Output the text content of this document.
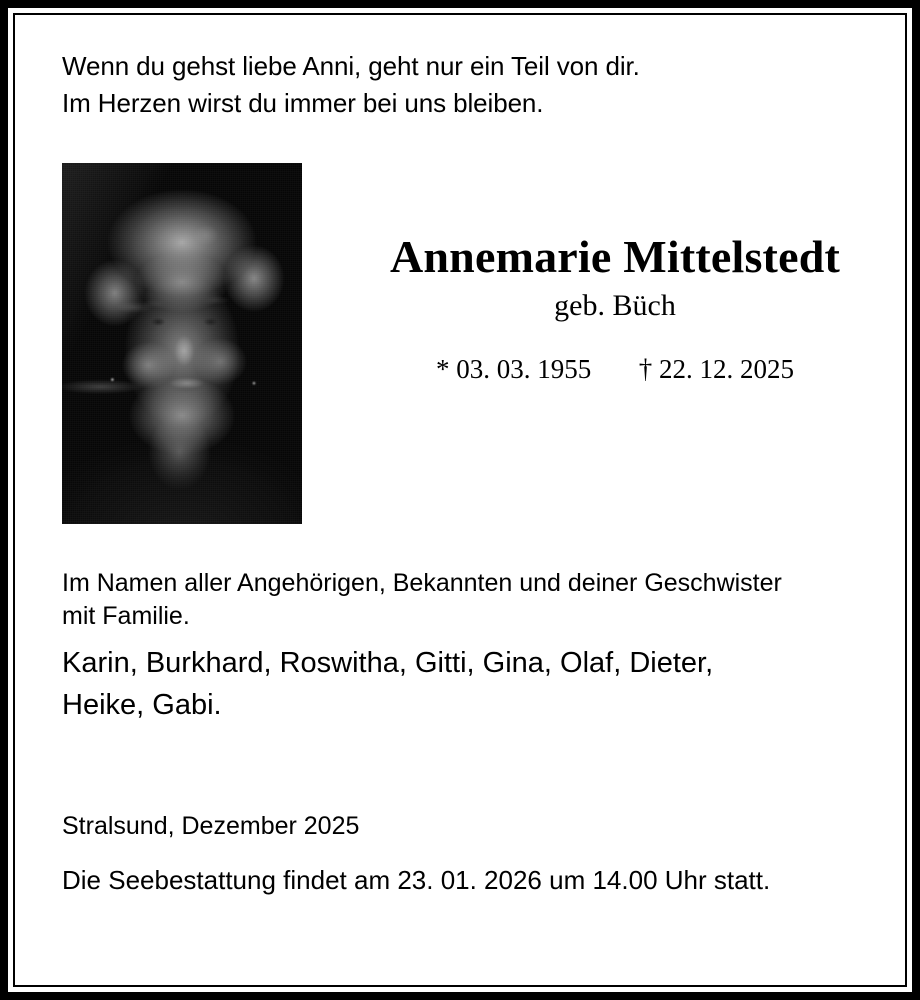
Wenn du gehst liebe Anni, geht nur ein Teil von dir.
Im Herzen wirst du immer bei uns bleiben.
Annemarie Mittelstedt
geb. Büch
* 03. 03. 1955 † 22. 12. 2025
Im Namen aller Angehörigen, Bekannten und deiner Geschwister
mit Familie.
Karin, Burkhard, Roswitha, Gitti, Gina, Olaf, Dieter,
Heike, Gabi.
Stralsund, Dezember 2025
Die Seebestattung findet am 23. 01. 2026 um 14.00 Uhr statt.
